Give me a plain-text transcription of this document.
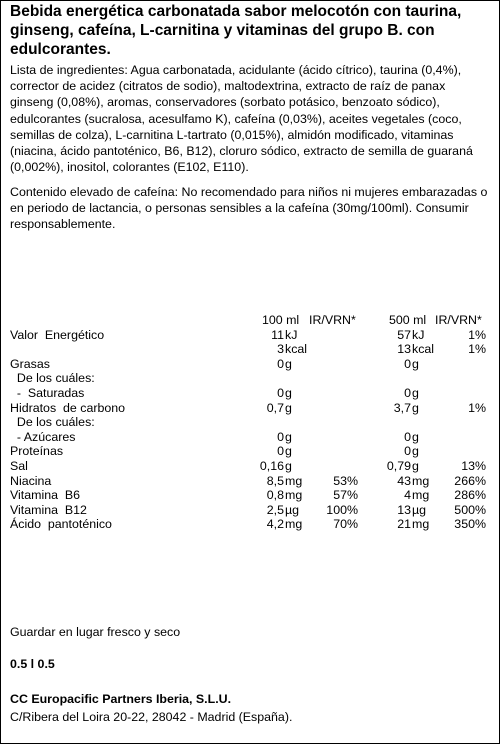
Bebida energética carbonatada sabor melocotón con taurina, ginseng, cafeína, L-carnitina y vitaminas del grupo B. con edulcorantes.
Lista de ingredientes: Agua carbonatada, acidulante (ácido cítrico), taurina (0,4%), corrector de acidez (citratos de sodio), maltodextrina, extracto de raíz de panax ginseng (0,08%), aromas, conservadores (sorbato potásico, benzoato sódico), edulcorantes (sucralosa, acesulfamo K), cafeína (0,03%), aceites vegetales (coco, semillas de colza), L-carnitina L-tartrato (0,015%), almidón modificado, vitaminas (niacina, ácido pantoténico, B6, B12), cloruro sódico, extracto de semilla de guaraná (0,002%), inositol, colorantes (E102, E110).
Contenido elevado de cafeína: No recomendado para niños ni mujeres embarazadas o en periodo de lactancia, o personas sensibles a la cafeína (30mg/100ml). Consumir responsablemente.
100 ml IR/VRN*	500 ml IR/VRN*
Valor  Energético	11 kJ	57 kJ	1%
3 kcal	13 kcal	1%
Grasas	0 g	0 g
De los cuáles:
-  Saturadas	0 g	0 g
Hidratos  de carbono	0,7 g	3,7 g	1%
De los cuáles:
- Azúcares	0 g	0 g
Proteínas	0 g	0 g
Sal	0,16 g	0,79 g	13%
Niacina	8,5 mg 53%	43 mg 266%
Vitamina  B6	0,8 mg 57%	4 mg 286%
Vitamina  B12	2,5 µg 100%	13 µg 500%
Ácido  pantoténico	4,2 mg 70%	21 mg 350%
Guardar en lugar fresco y seco
0.5 l 0.5
CC Europacific Partners Iberia, S.L.U.
C/Ribera del Loira 20-22, 28042 - Madrid (España).
